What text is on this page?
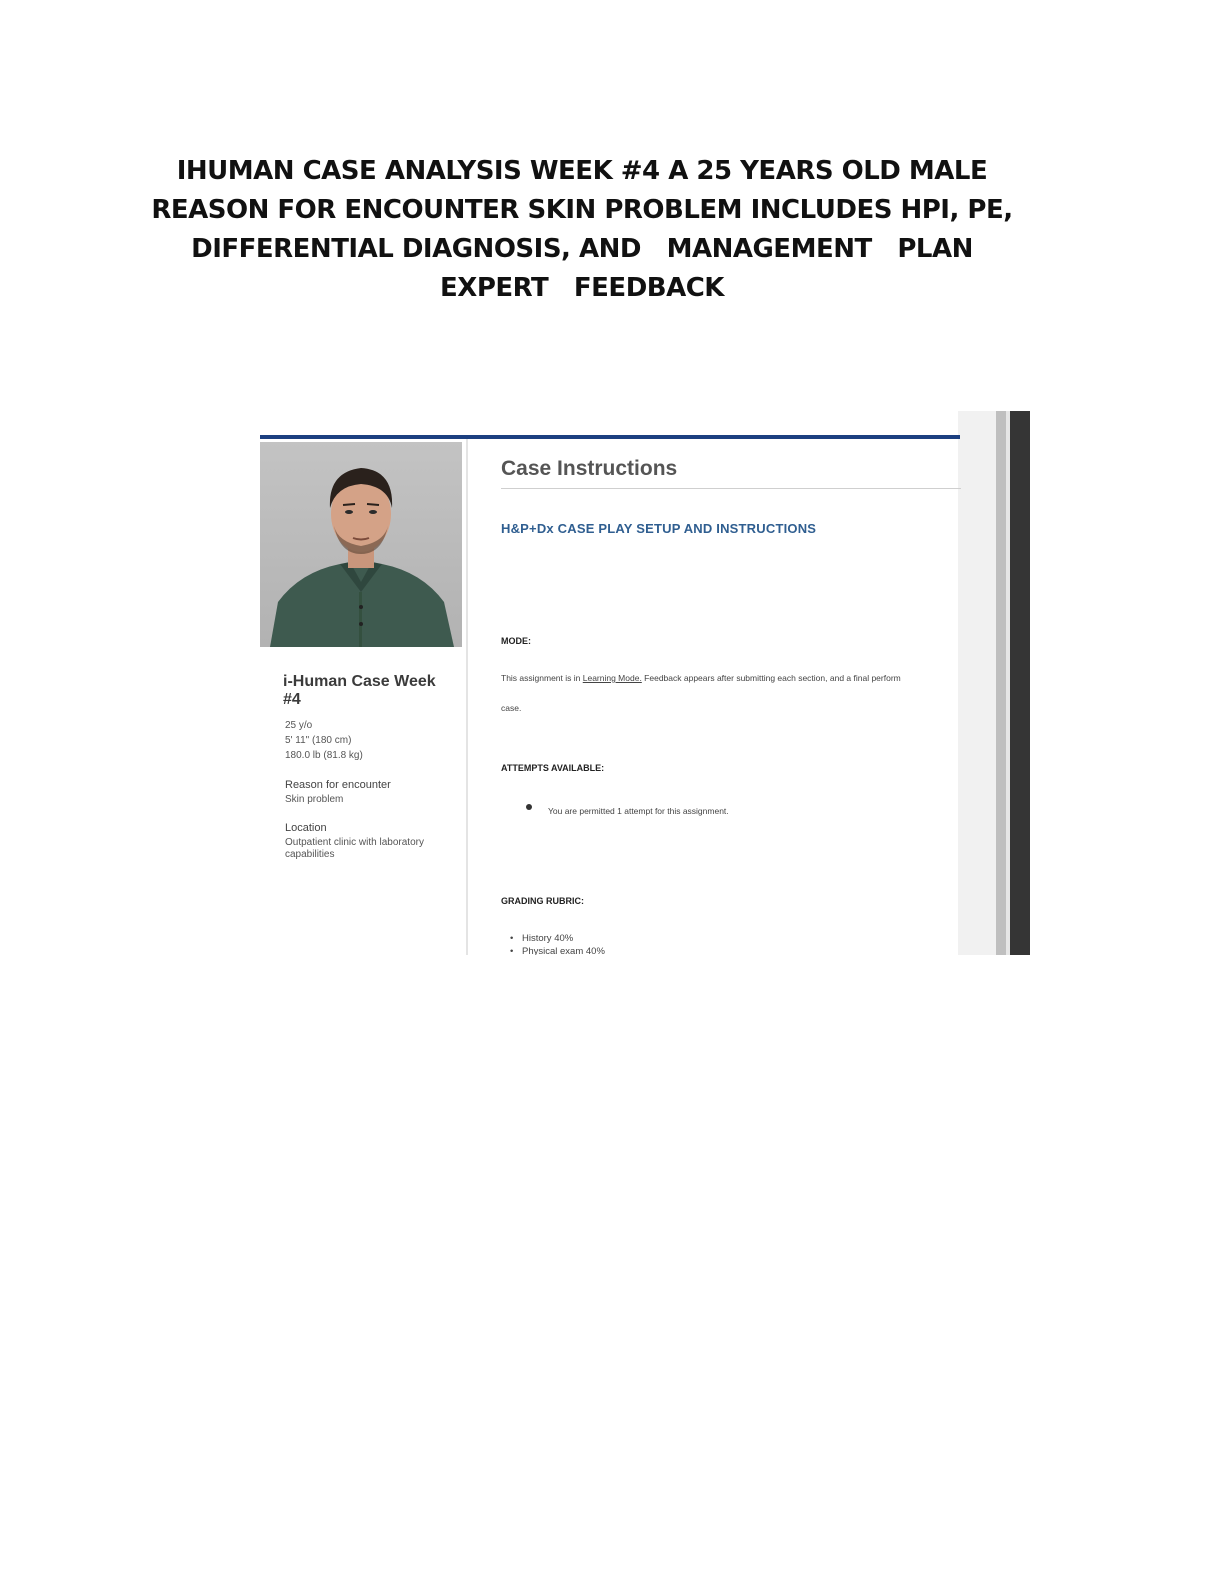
IHUMAN CASE ANALYSIS WEEK #4 A 25 YEARS OLD MALE
REASON FOR ENCOUNTER SKIN PROBLEM INCLUDES HPI, PE,
DIFFERENTIAL DIAGNOSIS, AND   MANAGEMENT   PLAN
EXPERT   FEEDBACK
i-Human Case Week #4
25 y/o
5' 11" (180 cm)
180.0 lb (81.8 kg)
Reason for encounter
Skin problem
Location
Outpatient clinic with laboratory capabilities
Case Instructions
H&P+Dx CASE PLAY SETUP AND INSTRUCTIONS
MODE:
This assignment is in Learning Mode. Feedback appears after submitting each section, and a final perform
case.
ATTEMPTS AVAILABLE:
You are permitted 1 attempt for this assignment.
GRADING RUBRIC:
• History 40%
• Physical exam 40%
